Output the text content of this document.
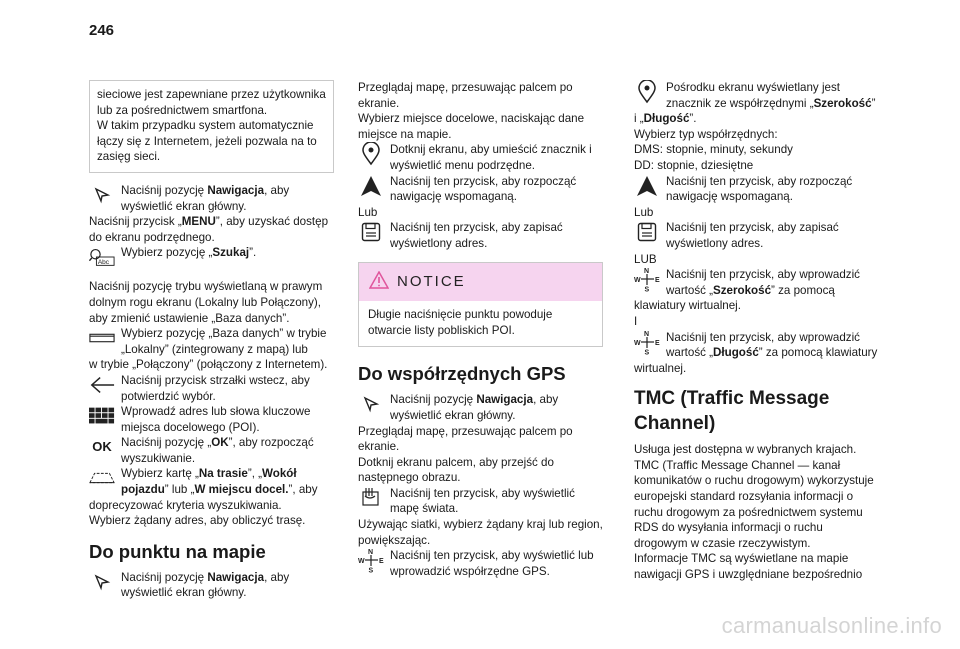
246
sieciowe jest zapewniane przez użytkownika lub za pośrednictwem smartfona.
W takim przypadku system automatycznie łączy się z Internetem, jeżeli pozwala na to zasięg sieci.
Naciśnij pozycję Nawigacja, aby wyświetlić ekran główny.
Naciśnij przycisk „MENU”, aby uzyskać dostęp do ekranu podrzędnego.
Abc
Wybierz pozycję „Szukaj”.
Naciśnij pozycję trybu wyświetlaną w prawym dolnym rogu ekranu (Lokalny lub Połączony), aby zmienić ustawienie „Baza danych”.
Wybierz pozycję „Baza danych” w trybie „Lokalny” (zintegrowany z mapą) lub
w trybie „Połączony” (połączony z Internetem).
Naciśnij przycisk strzałki wstecz, aby potwierdzić wybór.
Wprowadź adres lub słowa kluczowe miejsca docelowego (POI).
OK Naciśnij pozycję „OK”, aby rozpocząć wyszukiwanie.
Wybierz kartę „Na trasie”, „Wokół pojazdu” lub „W miejscu docel.”, aby
doprecyzować kryteria wyszukiwania.
Wybierz żądany adres, aby obliczyć trasę.
Do punktu na mapie
Naciśnij pozycję Nawigacja, aby wyświetlić ekran główny.
Przeglądaj mapę, przesuwając palcem po ekranie.
Wybierz miejsce docelowe, naciskając dane miejsce na mapie.
Dotknij ekranu, aby umieścić znacznik i wyświetlić menu podrzędne.
Naciśnij ten przycisk, aby rozpocząć nawigację wspomaganą.
Lub
Naciśnij ten przycisk, aby zapisać wyświetlony adres.
NOTICE
Długie naciśnięcie punktu powoduje otwarcie listy pobliskich POI.
Do współrzędnych GPS
Naciśnij pozycję Nawigacja, aby wyświetlić ekran główny.
Przeglądaj mapę, przesuwając palcem po ekranie.
Dotknij ekranu palcem, aby przejść do następnego obrazu.
Naciśnij ten przycisk, aby wyświetlić mapę świata.
Używając siatki, wybierz żądany kraj lub region, powiększając.
N
S
W E Naciśnij ten przycisk, aby wyświetlić lub wprowadzić współrzędne GPS.
Pośrodku ekranu wyświetlany jest znacznik ze współrzędnymi „Szerokość”
i „Długość”.
Wybierz typ współrzędnych:
DMS: stopnie, minuty, sekundy
DD: stopnie, dziesiętne
Naciśnij ten przycisk, aby rozpocząć nawigację wspomaganą.
Lub
Naciśnij ten przycisk, aby zapisać wyświetlony adres.
LUB
N
S
W E Naciśnij ten przycisk, aby wprowadzić wartość „Szerokość” za pomocą
klawiatury wirtualnej.
I
N
S
W E Naciśnij ten przycisk, aby wprowadzić wartość „Długość” za pomocą klawiatury
wirtualnej.
TMC (Traffic Message Channel)
Usługa jest dostępna w wybranych krajach. TMC (Traffic Message Channel — kanał komunikatów o ruchu drogowym) wykorzystuje europejski standard rozsyłania informacji o ruchu drogowym za pośrednictwem systemu RDS do wysyłania informacji o ruchu drogowym w czasie rzeczywistym.
Informacje TMC są wyświetlane na mapie nawigacji GPS i uwzględniane bezpośrednio
carmanualsonline.info
